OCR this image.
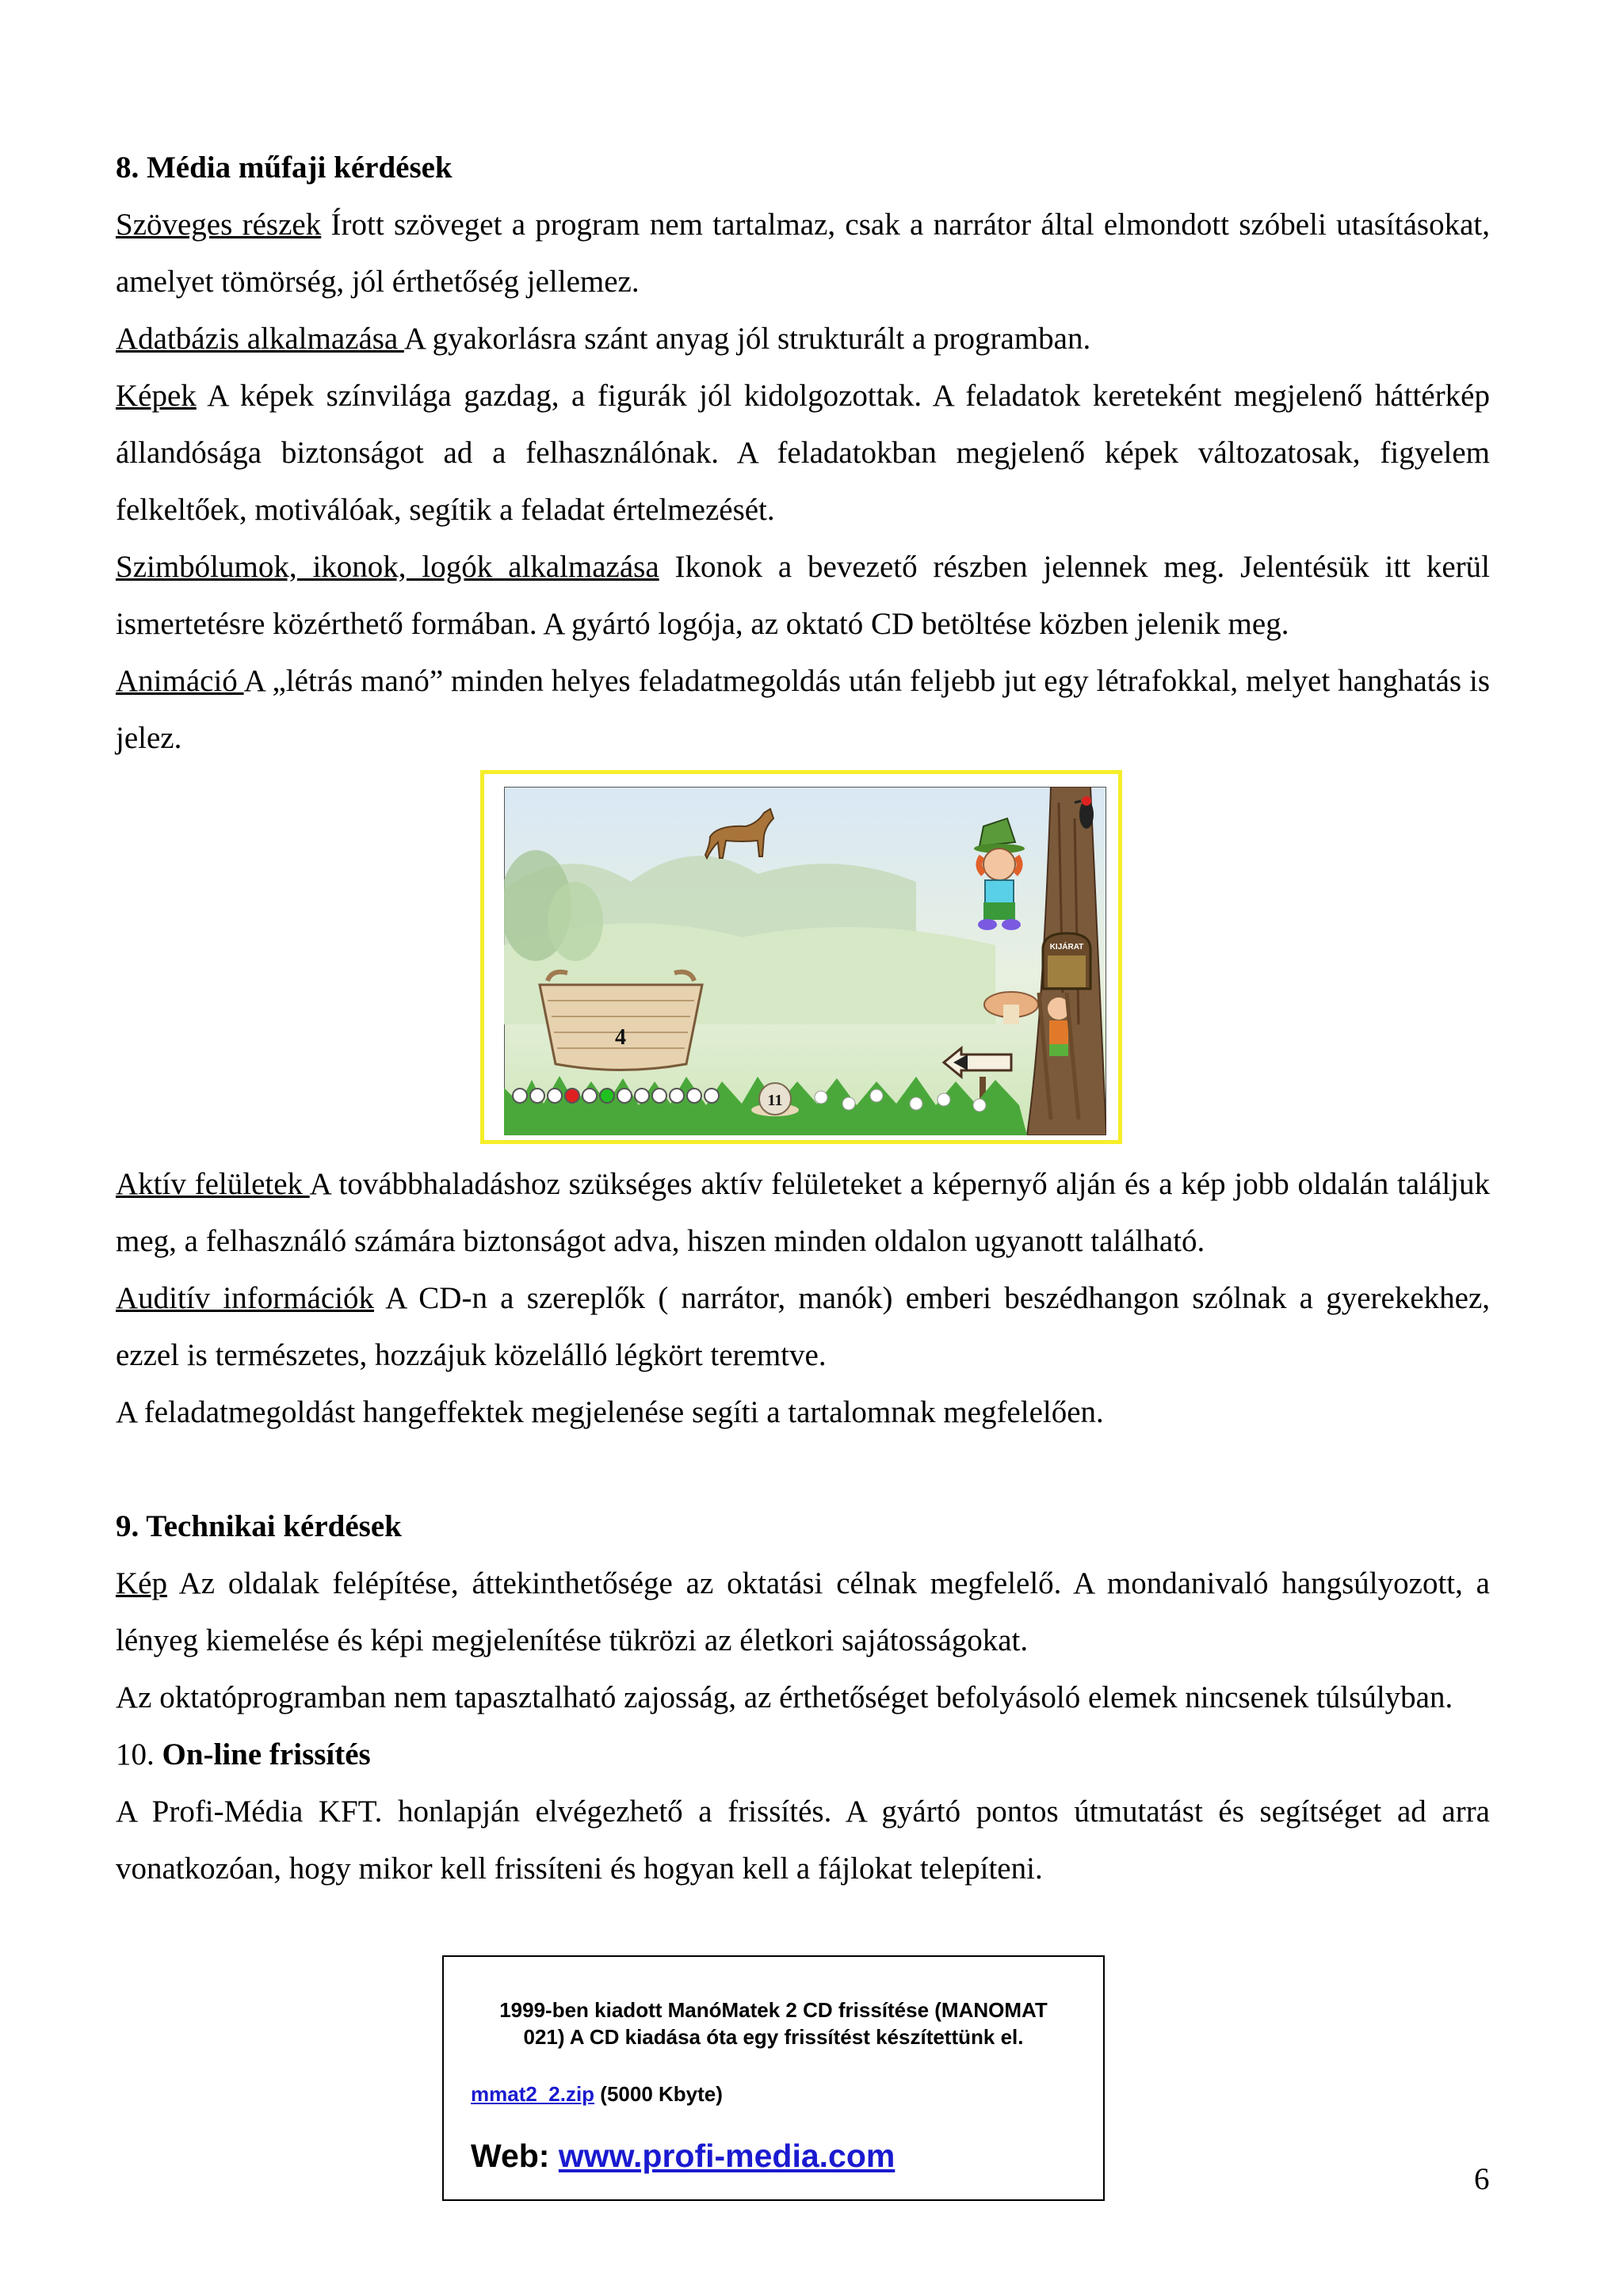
8. Média műfaji kérdések

Szöveges részek Írott szöveget a program nem tartalmaz, csak a narrátor által elmondott szóbeli utasításokat, amelyet tömörség, jól érthetőség jellemez.

Adatbázis alkalmazása A gyakorlásra szánt anyag jól strukturált a programban.

Képek A képek színvilága gazdag, a figurák jól kidolgozottak. A feladatok kereteként megjelenő háttérkép állandósága biztonságot ad a felhasználónak. A feladatokban megjelenő képek változatosak, figyelem felkeltőek, motiválóak, segítik a feladat értelmezését.

Szimbólumok, ikonok, logók alkalmazása Ikonok a bevezető részben jelennek meg. Jelentésük itt kerül ismertetésre közérthető formában. A gyártó logója, az oktató CD betöltése közben jelenik meg.

Animáció A „létrás manó” minden helyes feladatmegoldás után feljebb jut egy létrafokkal, melyet hanghatás is jelez.

KIJÁRAT
4
11

Aktív felületek A továbbhaladáshoz szükséges aktív felületeket a képernyő alján és a kép jobb oldalán találjuk meg, a felhasználó számára biztonságot adva, hiszen minden oldalon ugyanott található.

Auditív információk A CD-n a szereplők ( narrátor, manók) emberi beszédhangon szólnak a gyerekekhez, ezzel is természetes, hozzájuk közelálló légkört teremtve.

A feladatmegoldást hangeffektek megjelenése segíti a tartalomnak megfelelően.

9. Technikai kérdések

Kép Az oldalak felépítése, áttekinthetősége az oktatási célnak megfelelő. A mondanivaló hangsúlyozott, a lényeg kiemelése és képi megjelenítése tükrözi az életkori sajátosságokat.

Az oktatóprogramban nem tapasztalható zajosság, az érthetőséget befolyásoló elemek nincsenek túlsúlyban.

10. On-line frissítés

A Profi-Média KFT. honlapján elvégezhető a frissítés. A gyártó pontos útmutatást és segítséget ad arra vonatkozóan, hogy mikor kell frissíteni és hogyan kell a fájlokat telepíteni.

1999-ben kiadott ManóMatek 2 CD frissítése (MANOMAT
021) A CD kiadása óta egy frissítést készítettünk el.
mmat2_2.zip (5000 Kbyte)
Web: www.profi-media.com
6
